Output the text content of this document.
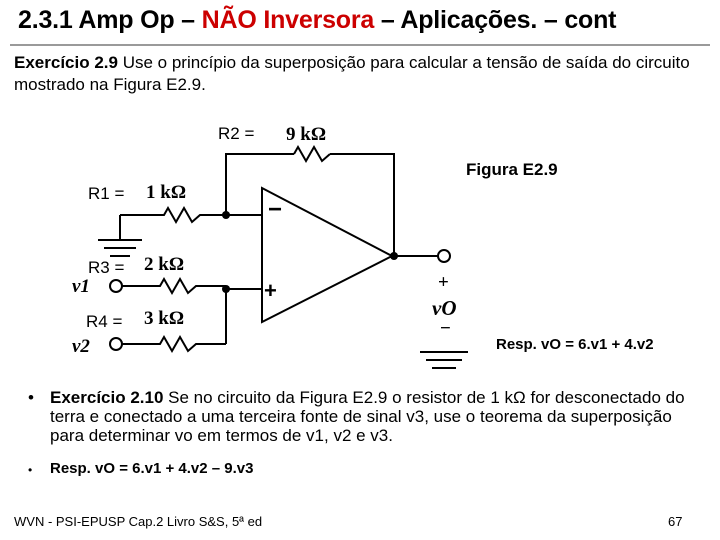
2.3.1 Amp Op – NÃO Inversora – Aplicações. – cont
Exercício 2.9 Use o princípio da superposição para calcular a tensão de saída do circuito mostrado na Figura E2.9.
R2 = 9 kΩ
Figura E2.9
R1 = 1 kΩ
−
R3 = 2 kΩ
v1	+
R4 = 3 kΩ
v2
+
vO
−
Resp. vO = 6.v1 + 4.v2
• Exercício 2.10 Se no circuito da Figura E2.9 o resistor de 1 kΩ for desconectado do terra e conectado a uma terceira fonte de sinal v3, use o teorema da superposição para determinar vo em termos de v1, v2 e v3.
• Resp. vO = 6.v1 + 4.v2 – 9.v3
WVN - PSI-EPUSP Cap.2 Livro S&S, 5ª ed	67
